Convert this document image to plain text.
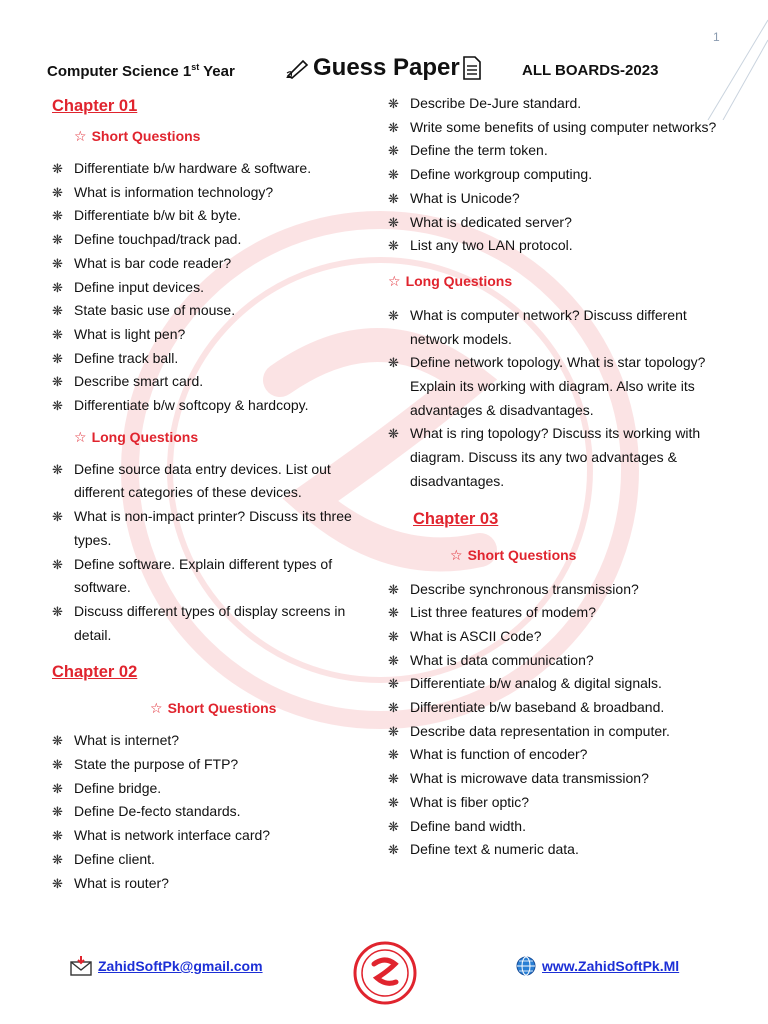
1
Computer Science 1st Year	Guess Paper	ALL BOARDS-2023
Chapter 01
☆ Short Questions
❋ Differentiate b/w hardware & software.
❋ What is information technology?
❋ Differentiate b/w bit & byte.
❋ Define touchpad/track pad.
❋ What is bar code reader?
❋ Define input devices.
❋ State basic use of mouse.
❋ What is light pen?
❋ Define track ball.
❋ Describe smart card.
❋ Differentiate b/w softcopy & hardcopy.
☆ Long Questions
❋ Define source data entry devices. List out different categories of these devices.
❋ What is non-impact printer? Discuss its three types.
❋ Define software. Explain different types of software.
❋ Discuss different types of display screens in detail.
Chapter 02
☆ Short Questions
❋ What is internet?
❋ State the purpose of FTP?
❋ Define bridge.
❋ Define De-fecto standards.
❋ What is network interface card?
❋ Define client.
❋ What is router?
❋ Describe De-Jure standard.
❋ Write some benefits of using computer networks?
❋ Define the term token.
❋ Define workgroup computing.
❋ What is Unicode?
❋ What is dedicated server?
❋ List any two LAN protocol.
☆ Long Questions
❋ What is computer network? Discuss different network models.
❋ Define network topology. What is star topology? Explain its working with diagram. Also write its advantages & disadvantages.
❋ What is ring topology? Discuss its working with diagram. Discuss its any two advantages & disadvantages.
Chapter 03
☆ Short Questions
❋ Describe synchronous transmission?
❋ List three features of modem?
❋ What is ASCII Code?
❋ What is data communication?
❋ Differentiate b/w analog & digital signals.
❋ Differentiate b/w baseband & broadband.
❋ Describe data representation in computer.
❋ What is function of encoder?
❋ What is microwave data transmission?
❋ What is fiber optic?
❋ Define band width.
❋ Define text & numeric data.
ZahidSoftPk@gmail.com	www.ZahidSoftPk.Ml
